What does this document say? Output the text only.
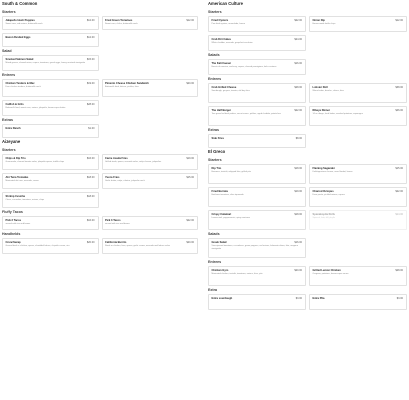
South & Common
Starters
Jalapeño Hush Puppies	$12.00
Sweet corn, red onions, buttermilk ranch
Fried Green Tomatoes	$12.00
Sweet corn, chiles, buttermilk ranch
Bacon Deviled Eggs	$12.00
Salad
Smoked Salmon Salad	$15.00
Mixed greens, shaved onion, capers, tomatoes, greek eggs, honey mustard vinaigrette
Entrees
Chicken Tenders & Mac	$19.00
Four chicken tenders, buttermilk ranch
Pimento Cheese Chicken Sandwich	$20.00
Buttermilk fried, lettuce, pickles, fries
Catfish & Grits	$28.00
Buttermilk fried, sweet corn, onions, jalapeño, lemon-caper butter
Extras
Extra Ranch	$1.00
Aizeyane
Starters
Chips & Dip Trio	$16.00
Guacamole, charred tomato salsa, jalapeño queso, tortilla chips
Carne Asada Fries	$19.00
Grilled steak, queso, avocado salsa, cotija cheese, jalapeños
Ahi Tuna Tostadas	$18.00
Marinated ahi tuna, avocado, crema
Yucca Fries	$15.00
Garlic butter, cotija, cilantro, jalapeño ranch
Shrimp Ceviche	$18.00
Citrus, cucumber, tomatoes, onions, chips
Fluffy Tacos
Pick 2 Tacos	$16.00
served with rice and beans
Pick 3 Tacos	$22.00
served with rice and beans
Handhelds
Crunchwrap	$20.00
Ground beef or chicken, queso, shredded lettuce, chipotle crema, rice
California Burrito	$20.00
Steak or chicken, fries, queso, garlic crema, avocado and lettuce salsa
American Culture
Starters
Fried Oysters	$22.00
Pan-fried oysters, remoulade, lemon
Onion Dip	$12.00
House-made kettle chips
Crab Dirt Cakes	$24.00
White cheddar, avocado, grapefruit emulsion
Salads
The Kali Caesar	$16.00
Hearts of romaine, anchovy, capers, shaved parmigiano, kale croutons
Entrees
Crab Grilled Cheese	$28.00
Sourdough, gruyere, tomato, old bay fries
Lobster Roll	$38.00
Warm butter, brioche, chives, fries
The Half Burger	$22.00
Two grass fed beef patties, secret sauce, pickles, aged cheddar, potato bun
Ribeye Dinner	$46.00
14 oz ribeye, herb butter, mashed potatoes, asparagus
Extras
Side Fries	$8.00
El Greco
Starters
Dip Trio	$18.00
Hummus, tzatziki, whipped feta, grilled pita
Flaming Saganaki	$15.00
Kefalograviera cheese, ouzo flambé, lemon
Fried Burrata	$19.00
Heirloom tomatoes, olive tapenade
Charred Octopus	$22.00
Fava purée, pickled onions, capers
Crispy Calamari	$18.00
Lemon aioli, pepperoncini, spicy marinara
Spanakopita Rolls	$14.00
Spinach, feta, dill, phyllo
Salads
Greek Salad	$16.00
Vine-ripened tomatoes, cucumbers, green peppers, red onions, kalamata olives, feta, oregano vinaigrette
Entrees
Chicken Gyro	$20.00
Marinated chicken, tzatziki, tomatoes, onions, fries, pita
Grilled Lemon Chicken	$28.00
Oregano, potatoes, lemon-caper sauce
Extra
Extra sourdough	$3.00	Extra Pita	$3.00
